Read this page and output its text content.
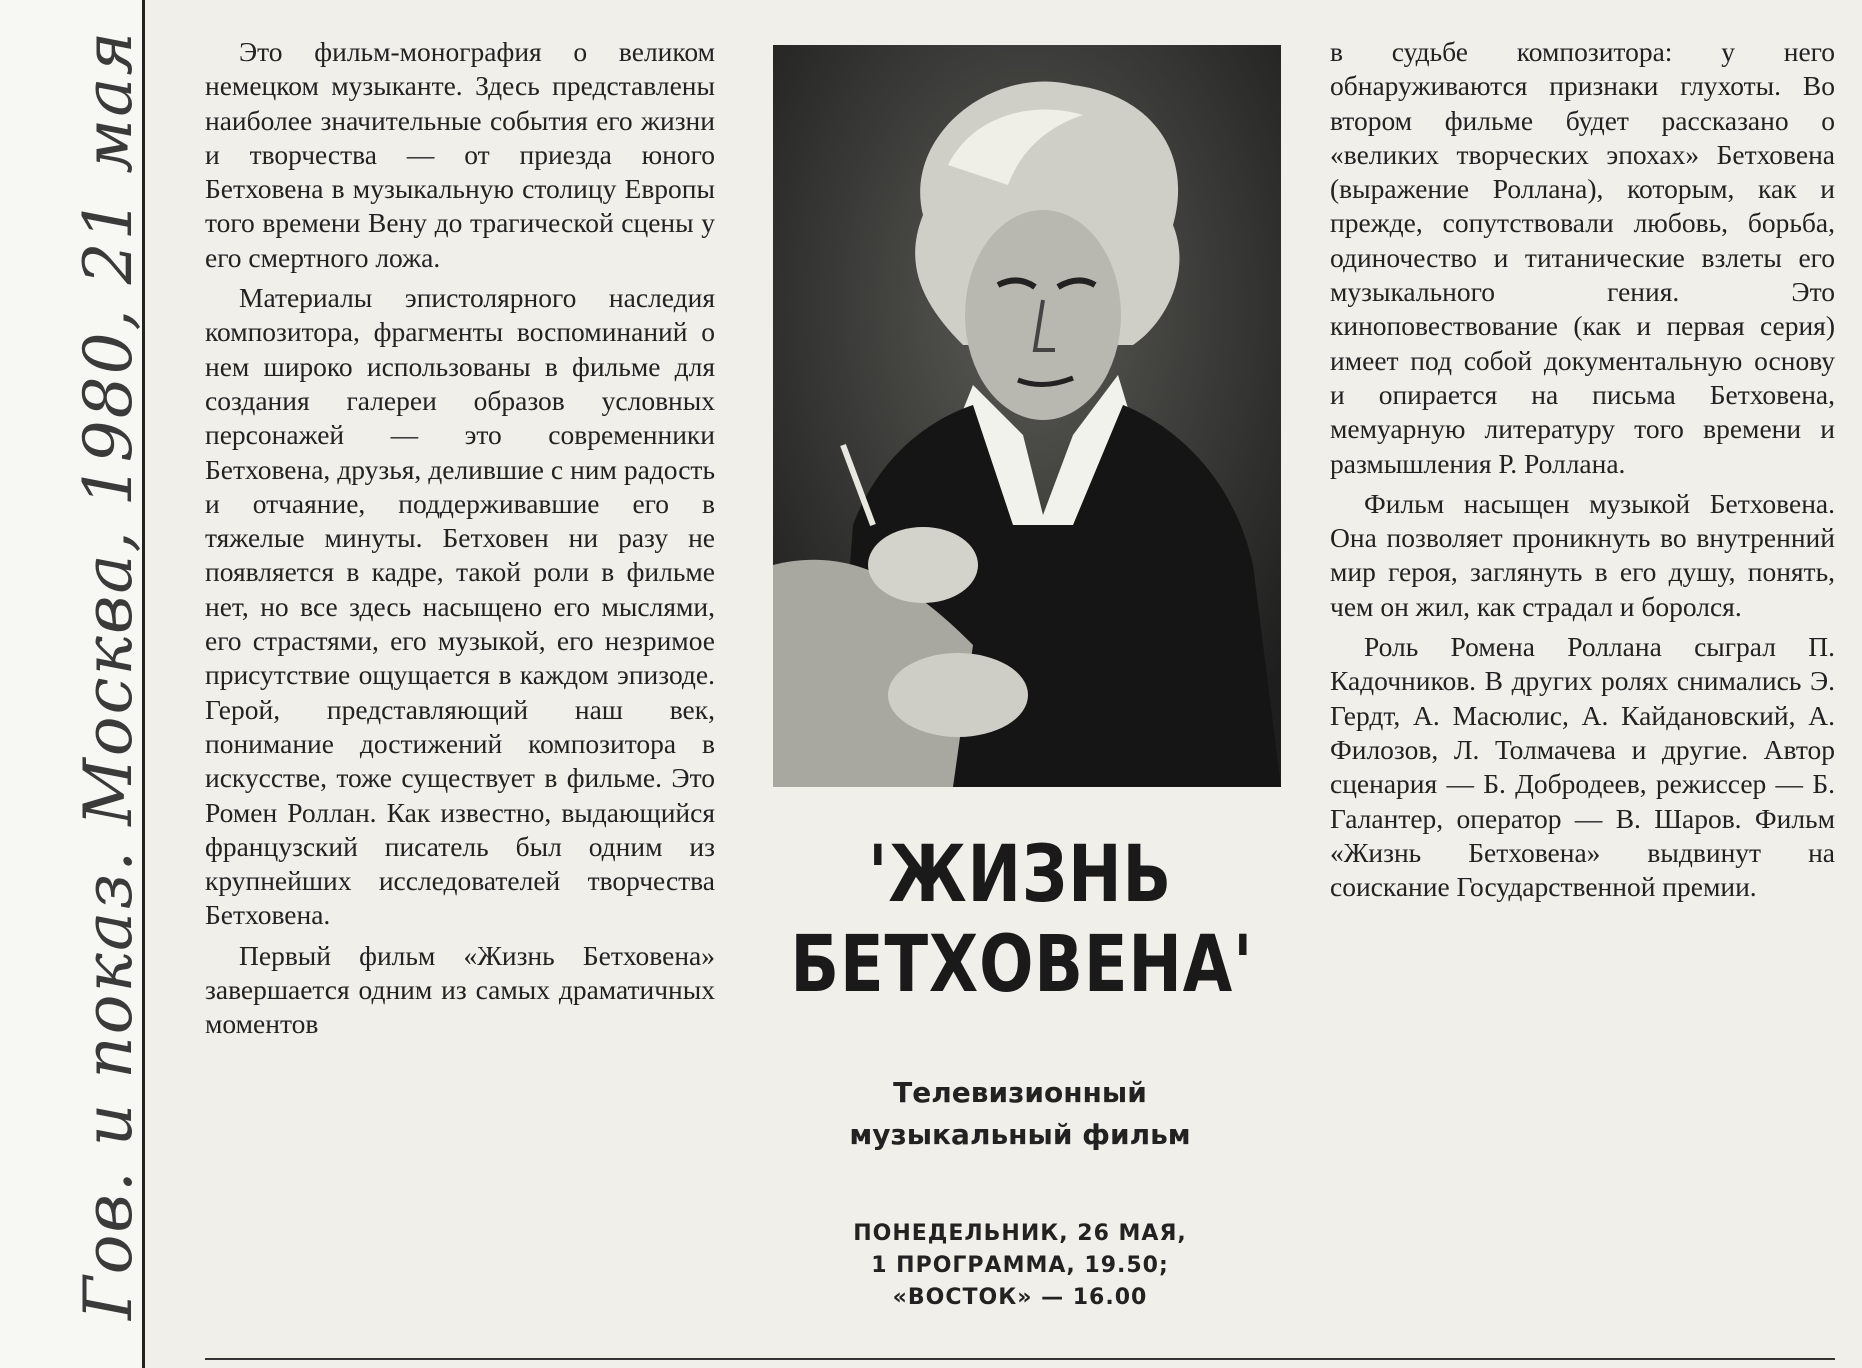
Гов. и показ. Москва, 1980, 21 мая	Это фильм-монография о великом немецком музыканте. Здесь представлены наиболее значительные события его жизни и творчества — от приезда юного Бетховена в музыкальную столицу Европы того времени Вену до трагической сцены у его смертного ложа.

Материалы эпистолярного наследия композитора, фрагменты воспоминаний о нем широко использованы в фильме для создания галереи образов условных персонажей — это современники Бетховена, друзья, делившие с ним радость и отчаяние, поддерживавшие его в тяжелые минуты. Бетховен ни разу не появляется в кадре, такой роли в фильме нет, но все здесь насыщено его мыслями, его страстями, его музыкой, его незримое присутствие ощущается в каждом эпизоде. Герой, представляющий наш век, понимание достижений композитора в искусстве, тоже существует в фильме. Это Ромен Роллан. Как известно, выдающийся французский писатель был одним из крупнейших исследователей творчества Бетховена.

Первый фильм «Жизнь Бетховена» завершается одним из самых драматичных моментов

'ЖИЗНЬ
БЕТХОВЕНА'
Телевизионный
музыкальный фильм
ПОНЕДЕЛЬНИК, 26 МАЯ,
1 ПРОГРАММА, 19.50;
«ВОСТОК» — 16.00

в судьбе композитора: у него обнаруживаются признаки глухоты. Во втором фильме будет рассказано о «великих творческих эпохах» Бетховена (выражение Роллана), которым, как и прежде, сопутствовали любовь, борьба, одиночество и титанические взлеты его музыкального гения. Это киноповествование (как и первая серия) имеет под собой документальную основу и опирается на письма Бетховена, мемуарную литературу того времени и размышления Р. Роллана.

Фильм насыщен музыкой Бетховена. Она позволяет проникнуть во внутренний мир героя, заглянуть в его душу, понять, чем он жил, как страдал и боролся.

Роль Ромена Роллана сыграл П. Кадочников. В других ролях снимались Э. Гердт, А. Масюлис, А. Кайдановский, А. Филозов, Л. Толмачева и другие. Автор сценария — Б. Добродеев, режиссер — Б. Галантер, оператор — В. Шаров. Фильм «Жизнь Бетховена» выдвинут на соискание Государственной премии.
